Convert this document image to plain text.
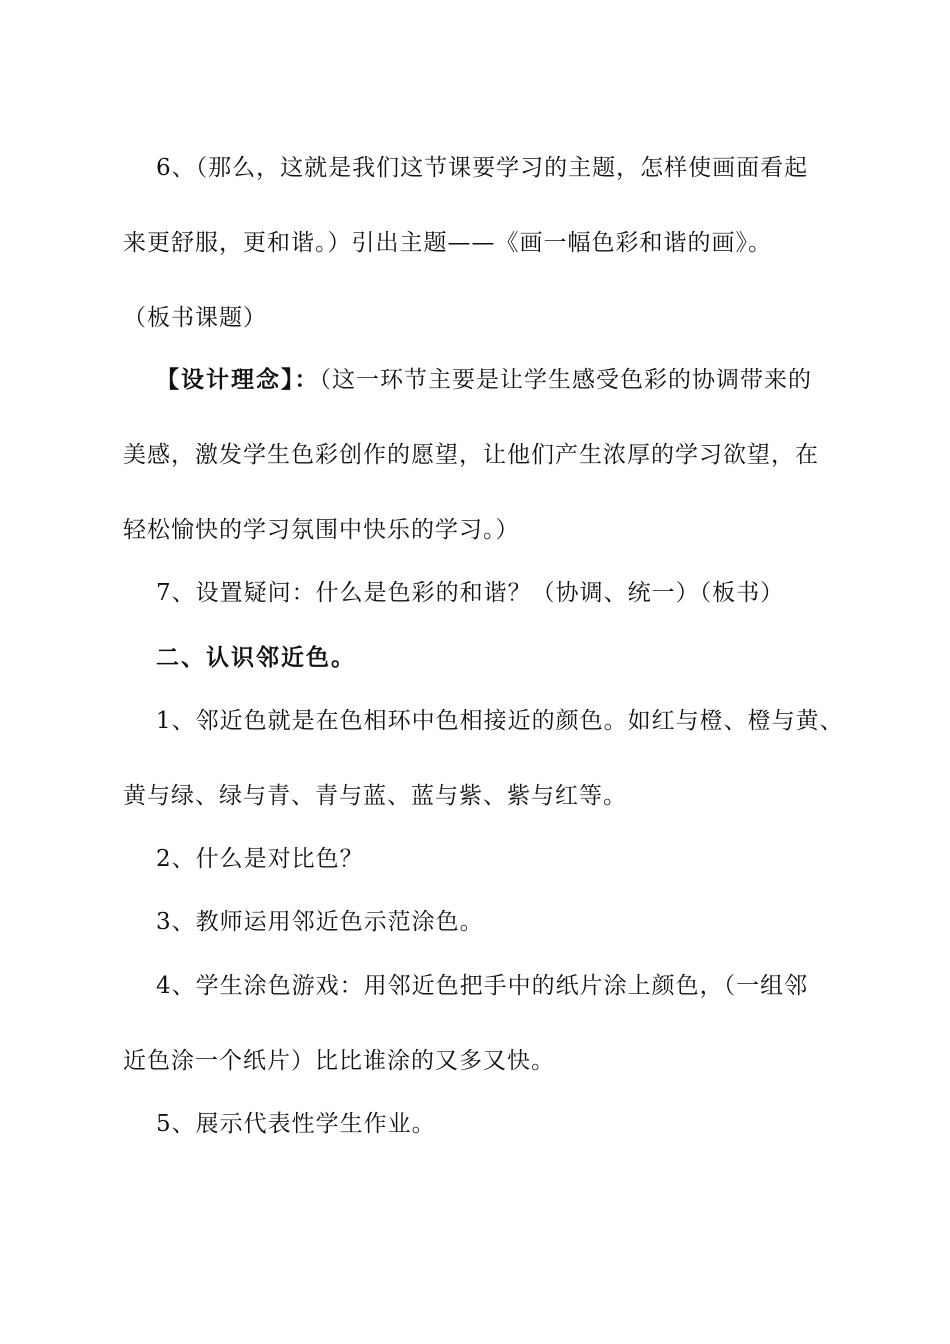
6、（那么，这就是我们这节课要学习的主题，怎样使画面看起

来更舒服，更和谐。）引出主题——《画一幅色彩和谐的画》。

（板书课题）

【设计理念】：（这一环节主要是让学生感受色彩的协调带来的

美感，激发学生色彩创作的愿望，让他们产生浓厚的学习欲望，在

轻松愉快的学习氛围中快乐的学习。）

7、设置疑问：什么是色彩的和谐？（协调、统一）（板书）

二、认识邻近色。

1、邻近色就是在色相环中色相接近的颜色。如红与橙、橙与黄、

黄与绿、绿与青、青与蓝、蓝与紫、紫与红等。

2、什么是对比色？

3、教师运用邻近色示范涂色。

4、学生涂色游戏：用邻近色把手中的纸片涂上颜色，（一组邻

近色涂一个纸片）比比谁涂的又多又快。

5、展示代表性学生作业。
